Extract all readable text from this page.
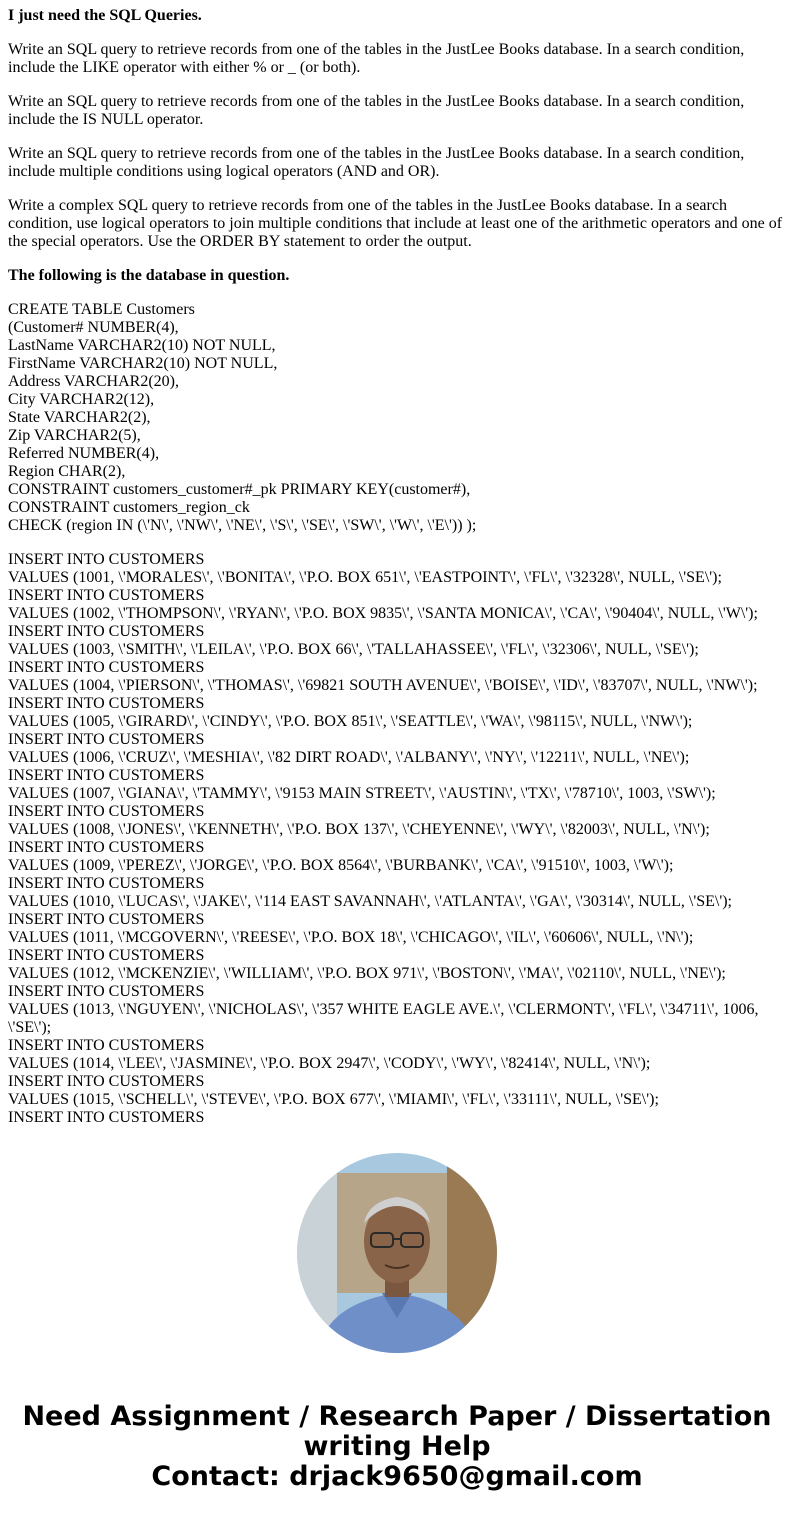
I just need the SQL Queries.

Write an SQL query to retrieve records from one of the tables in the JustLee Books database. In a search condition, include the LIKE operator with either % or _ (or both).

Write an SQL query to retrieve records from one of the tables in the JustLee Books database. In a search condition, include the IS NULL operator.

Write an SQL query to retrieve records from one of the tables in the JustLee Books database. In a search condition, include multiple conditions using logical operators (AND and OR).

Write a complex SQL query to retrieve records from one of the tables in the JustLee Books database. In a search condition, use logical operators to join multiple conditions that include at least one of the arithmetic operators and one of the special operators. Use the ORDER BY statement to order the output.

The following is the database in question.

CREATE TABLE Customers
(Customer# NUMBER(4),
LastName VARCHAR2(10) NOT NULL,
FirstName VARCHAR2(10) NOT NULL,
Address VARCHAR2(20),
City VARCHAR2(12),
State VARCHAR2(2),
Zip VARCHAR2(5),
Referred NUMBER(4),
Region CHAR(2),
CONSTRAINT customers_customer#_pk PRIMARY KEY(customer#),
CONSTRAINT customers_region_ck
CHECK (region IN (\'N\', \'NW\', \'NE\', \'S\', \'SE\', \'SW\', \'W\', \'E\')) );
INSERT INTO CUSTOMERS
VALUES (1001, \'MORALES\', \'BONITA\', \'P.O. BOX 651\', \'EASTPOINT\', \'FL\', \'32328\', NULL, \'SE\');
INSERT INTO CUSTOMERS
VALUES (1002, \'THOMPSON\', \'RYAN\', \'P.O. BOX 9835\', \'SANTA MONICA\', \'CA\', \'90404\', NULL, \'W\');
INSERT INTO CUSTOMERS
VALUES (1003, \'SMITH\', \'LEILA\', \'P.O. BOX 66\', \'TALLAHASSEE\', \'FL\', \'32306\', NULL, \'SE\');
INSERT INTO CUSTOMERS
VALUES (1004, \'PIERSON\', \'THOMAS\', \'69821 SOUTH AVENUE\', \'BOISE\', \'ID\', \'83707\', NULL, \'NW\');
INSERT INTO CUSTOMERS
VALUES (1005, \'GIRARD\', \'CINDY\', \'P.O. BOX 851\', \'SEATTLE\', \'WA\', \'98115\', NULL, \'NW\');
INSERT INTO CUSTOMERS
VALUES (1006, \'CRUZ\', \'MESHIA\', \'82 DIRT ROAD\', \'ALBANY\', \'NY\', \'12211\', NULL, \'NE\');
INSERT INTO CUSTOMERS
VALUES (1007, \'GIANA\', \'TAMMY\', \'9153 MAIN STREET\', \'AUSTIN\', \'TX\', \'78710\', 1003, \'SW\');
INSERT INTO CUSTOMERS
VALUES (1008, \'JONES\', \'KENNETH\', \'P.O. BOX 137\', \'CHEYENNE\', \'WY\', \'82003\', NULL, \'N\');
INSERT INTO CUSTOMERS
VALUES (1009, \'PEREZ\', \'JORGE\', \'P.O. BOX 8564\', \'BURBANK\', \'CA\', \'91510\', 1003, \'W\');
INSERT INTO CUSTOMERS
VALUES (1010, \'LUCAS\', \'JAKE\', \'114 EAST SAVANNAH\', \'ATLANTA\', \'GA\', \'30314\', NULL, \'SE\');
INSERT INTO CUSTOMERS
VALUES (1011, \'MCGOVERN\', \'REESE\', \'P.O. BOX 18\', \'CHICAGO\', \'IL\', \'60606\', NULL, \'N\');
INSERT INTO CUSTOMERS
VALUES (1012, \'MCKENZIE\', \'WILLIAM\', \'P.O. BOX 971\', \'BOSTON\', \'MA\', \'02110\', NULL, \'NE\');
INSERT INTO CUSTOMERS
VALUES (1013, \'NGUYEN\', \'NICHOLAS\', \'357 WHITE EAGLE AVE.\', \'CLERMONT\', \'FL\', \'34711\', 1006, \'SE\');
INSERT INTO CUSTOMERS
VALUES (1014, \'LEE\', \'JASMINE\', \'P.O. BOX 2947\', \'CODY\', \'WY\', \'82414\', NULL, \'N\');
INSERT INTO CUSTOMERS
VALUES (1015, \'SCHELL\', \'STEVE\', \'P.O. BOX 677\', \'MIAMI\', \'FL\', \'33111\', NULL, \'SE\');
INSERT INTO CUSTOMERS
Need Assignment / Research Paper / Dissertation writing Help
Contact: drjack9650@gmail.com
